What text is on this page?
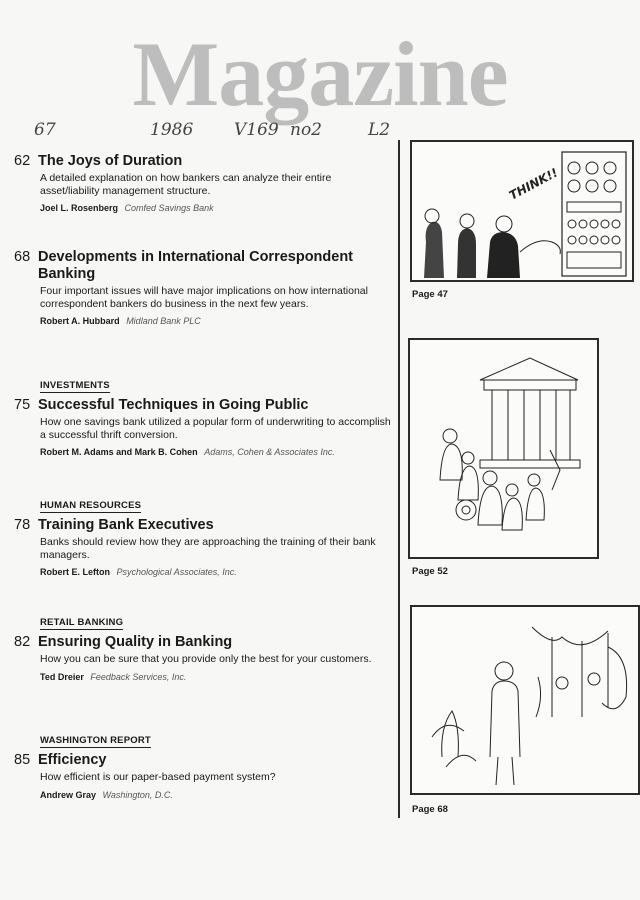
Magazine
67	1986 V169 no2	L2
62 The Joys of Duration
A detailed explanation on how bankers can analyze their entire asset/liability management structure.
Joel L. Rosenberg Comfed Savings Bank
68 Developments in International Correspondent Banking
Four important issues will have major implications on how international correspondent bankers do business in the next few years.
Robert A. Hubbard Midland Bank PLC
INVESTMENTS
75 Successful Techniques in Going Public
How one savings bank utilized a popular form of underwriting to accomplish a successful thrift conversion.
Robert M. Adams and Mark B. Cohen Adams, Cohen & Associates Inc.
HUMAN RESOURCES
78 Training Bank Executives
Banks should review how they are approaching the training of their bank managers.
Robert E. Lefton Psychological Associates, Inc.
RETAIL BANKING
82 Ensuring Quality in Banking
How you can be sure that you provide only the best for your customers.
Ted Dreier Feedback Services, Inc.
WASHINGTON REPORT
85 Efficiency
How efficient is our paper-based payment system?
Andrew Gray Washington, D.C.
THINK!!
Page 47
Page 52
Page 68
